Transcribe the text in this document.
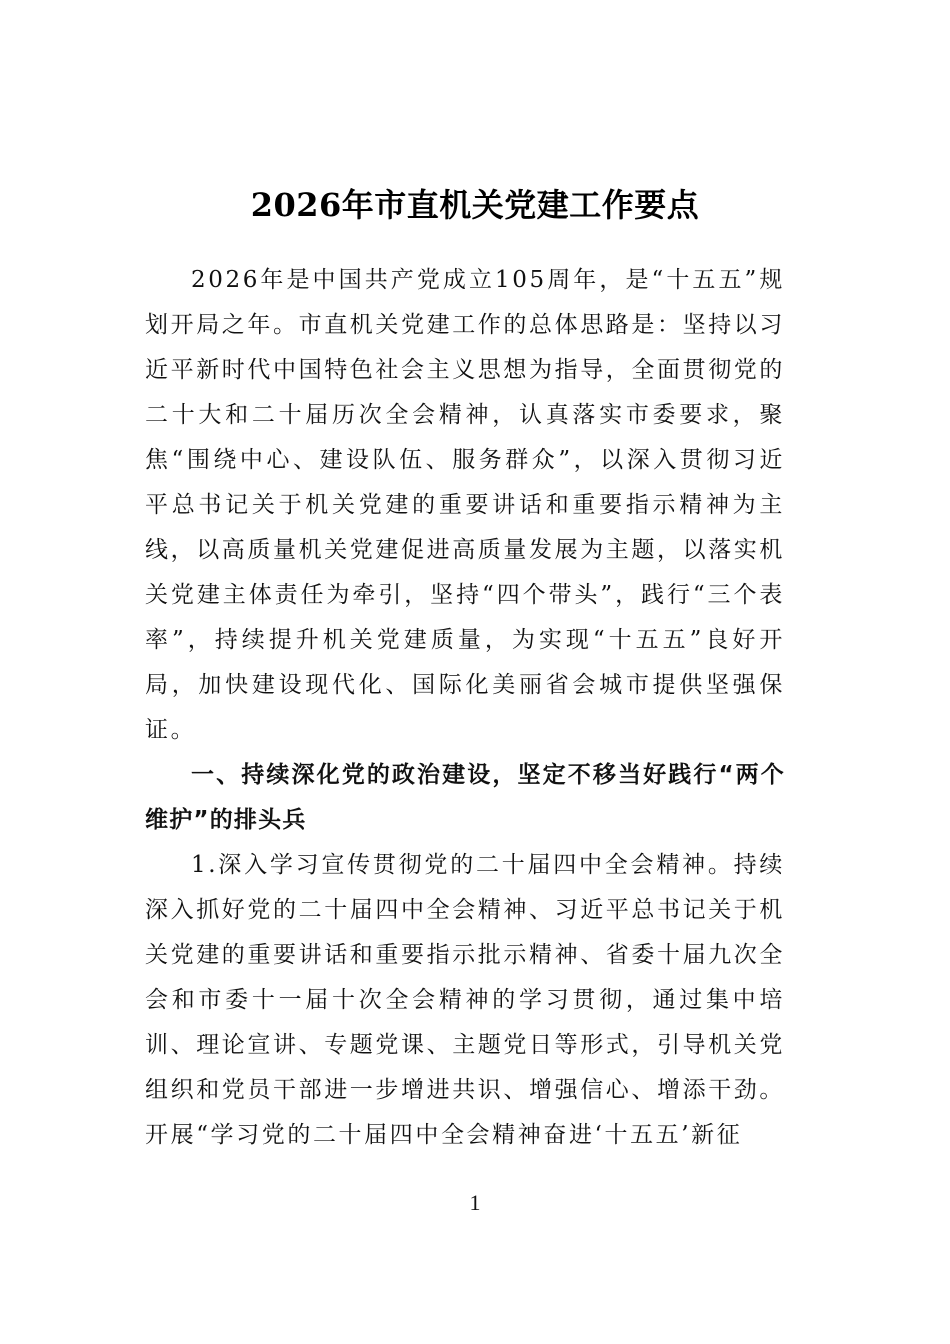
2026年市直机关党建工作要点

2026年是中国共产党成立105周年，是“十五五”规划开局之年。市直机关党建工作的总体思路是：坚持以习近平新时代中国特色社会主义思想为指导，全面贯彻党的二十大和二十届历次全会精神，认真落实市委要求，聚焦“围绕中心、建设队伍、服务群众”，以深入贯彻习近平总书记关于机关党建的重要讲话和重要指示精神为主线，以高质量机关党建促进高质量发展为主题，以落实机关党建主体责任为牵引，坚持“四个带头”，践行“三个表率”，持续提升机关党建质量，为实现“十五五”良好开局，加快建设现代化、国际化美丽省会城市提供坚强保证。

一、持续深化党的政治建设，坚定不移当好践行“两个维护”的排头兵

1.深入学习宣传贯彻党的二十届四中全会精神。持续深入抓好党的二十届四中全会精神、习近平总书记关于机关党建的重要讲话和重要指示批示精神、省委十届九次全会和市委十一届十次全会精神的学习贯彻，通过集中培训、理论宣讲、专题党课、主题党日等形式，引导机关党组织和党员干部进一步增进共识、增强信心、增添干劲。开展“学习党的二十届四中全会精神奋进‘十五五’新征

1
